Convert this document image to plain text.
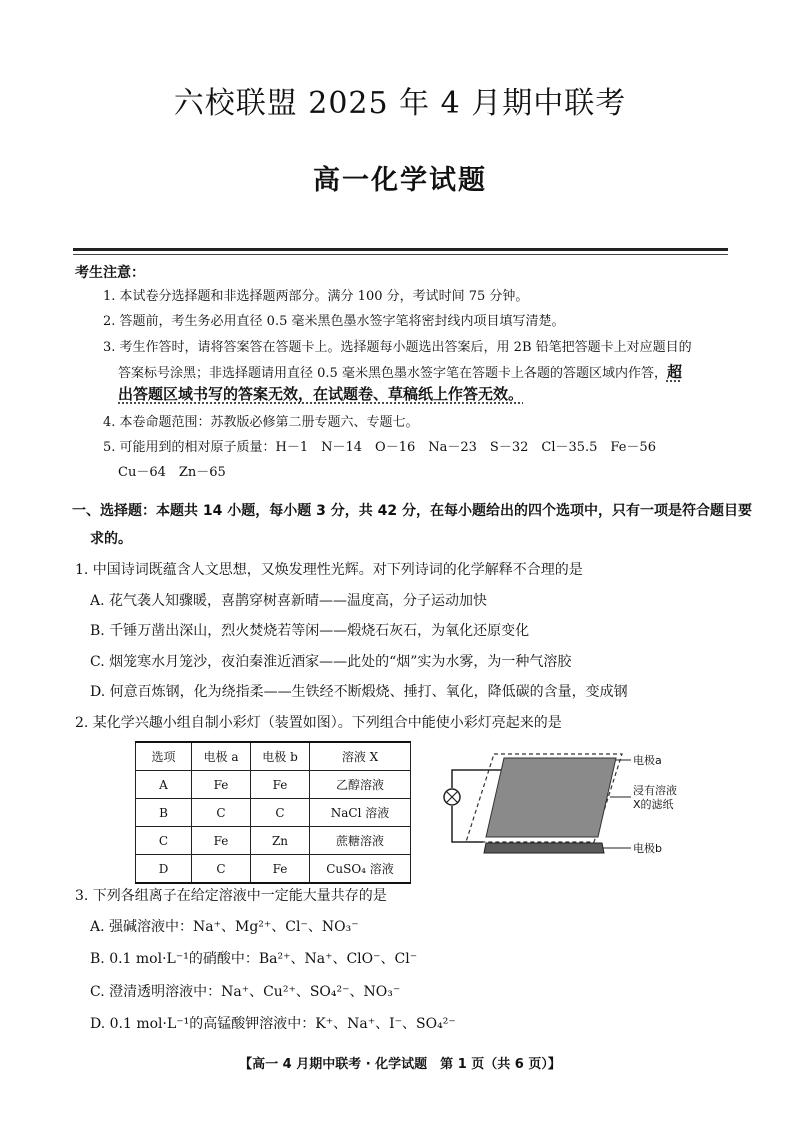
六校联盟 2025 年 4 月期中联考
高一化学试题
考生注意：
1. 本试卷分选择题和非选择题两部分。满分 100 分，考试时间 75 分钟。
2. 答题前，考生务必用直径 0.5 毫米黑色墨水签字笔将密封线内项目填写清楚。
3. 考生作答时，请将答案答在答题卡上。选择题每小题选出答案后，用 2B 铅笔把答题卡上对应题目的
答案标号涂黑；非选择题请用直径 0.5 毫米黑色墨水签字笔在答题卡上各题的答题区域内作答，超
出答题区域书写的答案无效，在试题卷、草稿纸上作答无效。
4. 本卷命题范围：苏教版必修第二册专题六、专题七。
5. 可能用到的相对原子质量：H－1　N－14　O－16　Na－23　S－32　Cl－35.5　Fe－56
Cu－64　Zn－65
一、选择题：本题共 14 小题，每小题 3 分，共 42 分，在每小题给出的四个选项中，只有一项是符合题目要
求的。
1. 中国诗词既蕴含人文思想，又焕发理性光辉。对下列诗词的化学解释不合理的是
A. 花气袭人知骤暖，喜鹊穿树喜新晴——温度高，分子运动加快
B. 千锤万凿出深山，烈火焚烧若等闲——煅烧石灰石，为氧化还原变化
C. 烟笼寒水月笼沙，夜泊秦淮近酒家——此处的“烟”实为水雾，为一种气溶胶
D. 何意百炼钢，化为绕指柔——生铁经不断煅烧、捶打、氧化，降低碳的含量，变成钢
2. 某化学兴趣小组自制小彩灯（装置如图）。下列组合中能使小彩灯亮起来的是
选项	电极 a	电极 b	溶液 X
A	Fe	Fe	乙醇溶液
B	C	C	NaCl 溶液
C	Fe	Zn	蔗糖溶液
D	C	Fe	CuSO₄ 溶液
电极a
浸有溶液
X的滤纸
电极b
3. 下列各组离子在给定溶液中一定能大量共存的是
A. 强碱溶液中：Na⁺、Mg²⁺、Cl⁻、NO₃⁻
B. 0.1 mol·L⁻¹的硝酸中：Ba²⁺、Na⁺、ClO⁻、Cl⁻
C. 澄清透明溶液中：Na⁺、Cu²⁺、SO₄²⁻、NO₃⁻
D. 0.1 mol·L⁻¹的高锰酸钾溶液中：K⁺、Na⁺、I⁻、SO₄²⁻
【高一 4 月期中联考 · 化学试题　第 1 页（共 6 页）】
